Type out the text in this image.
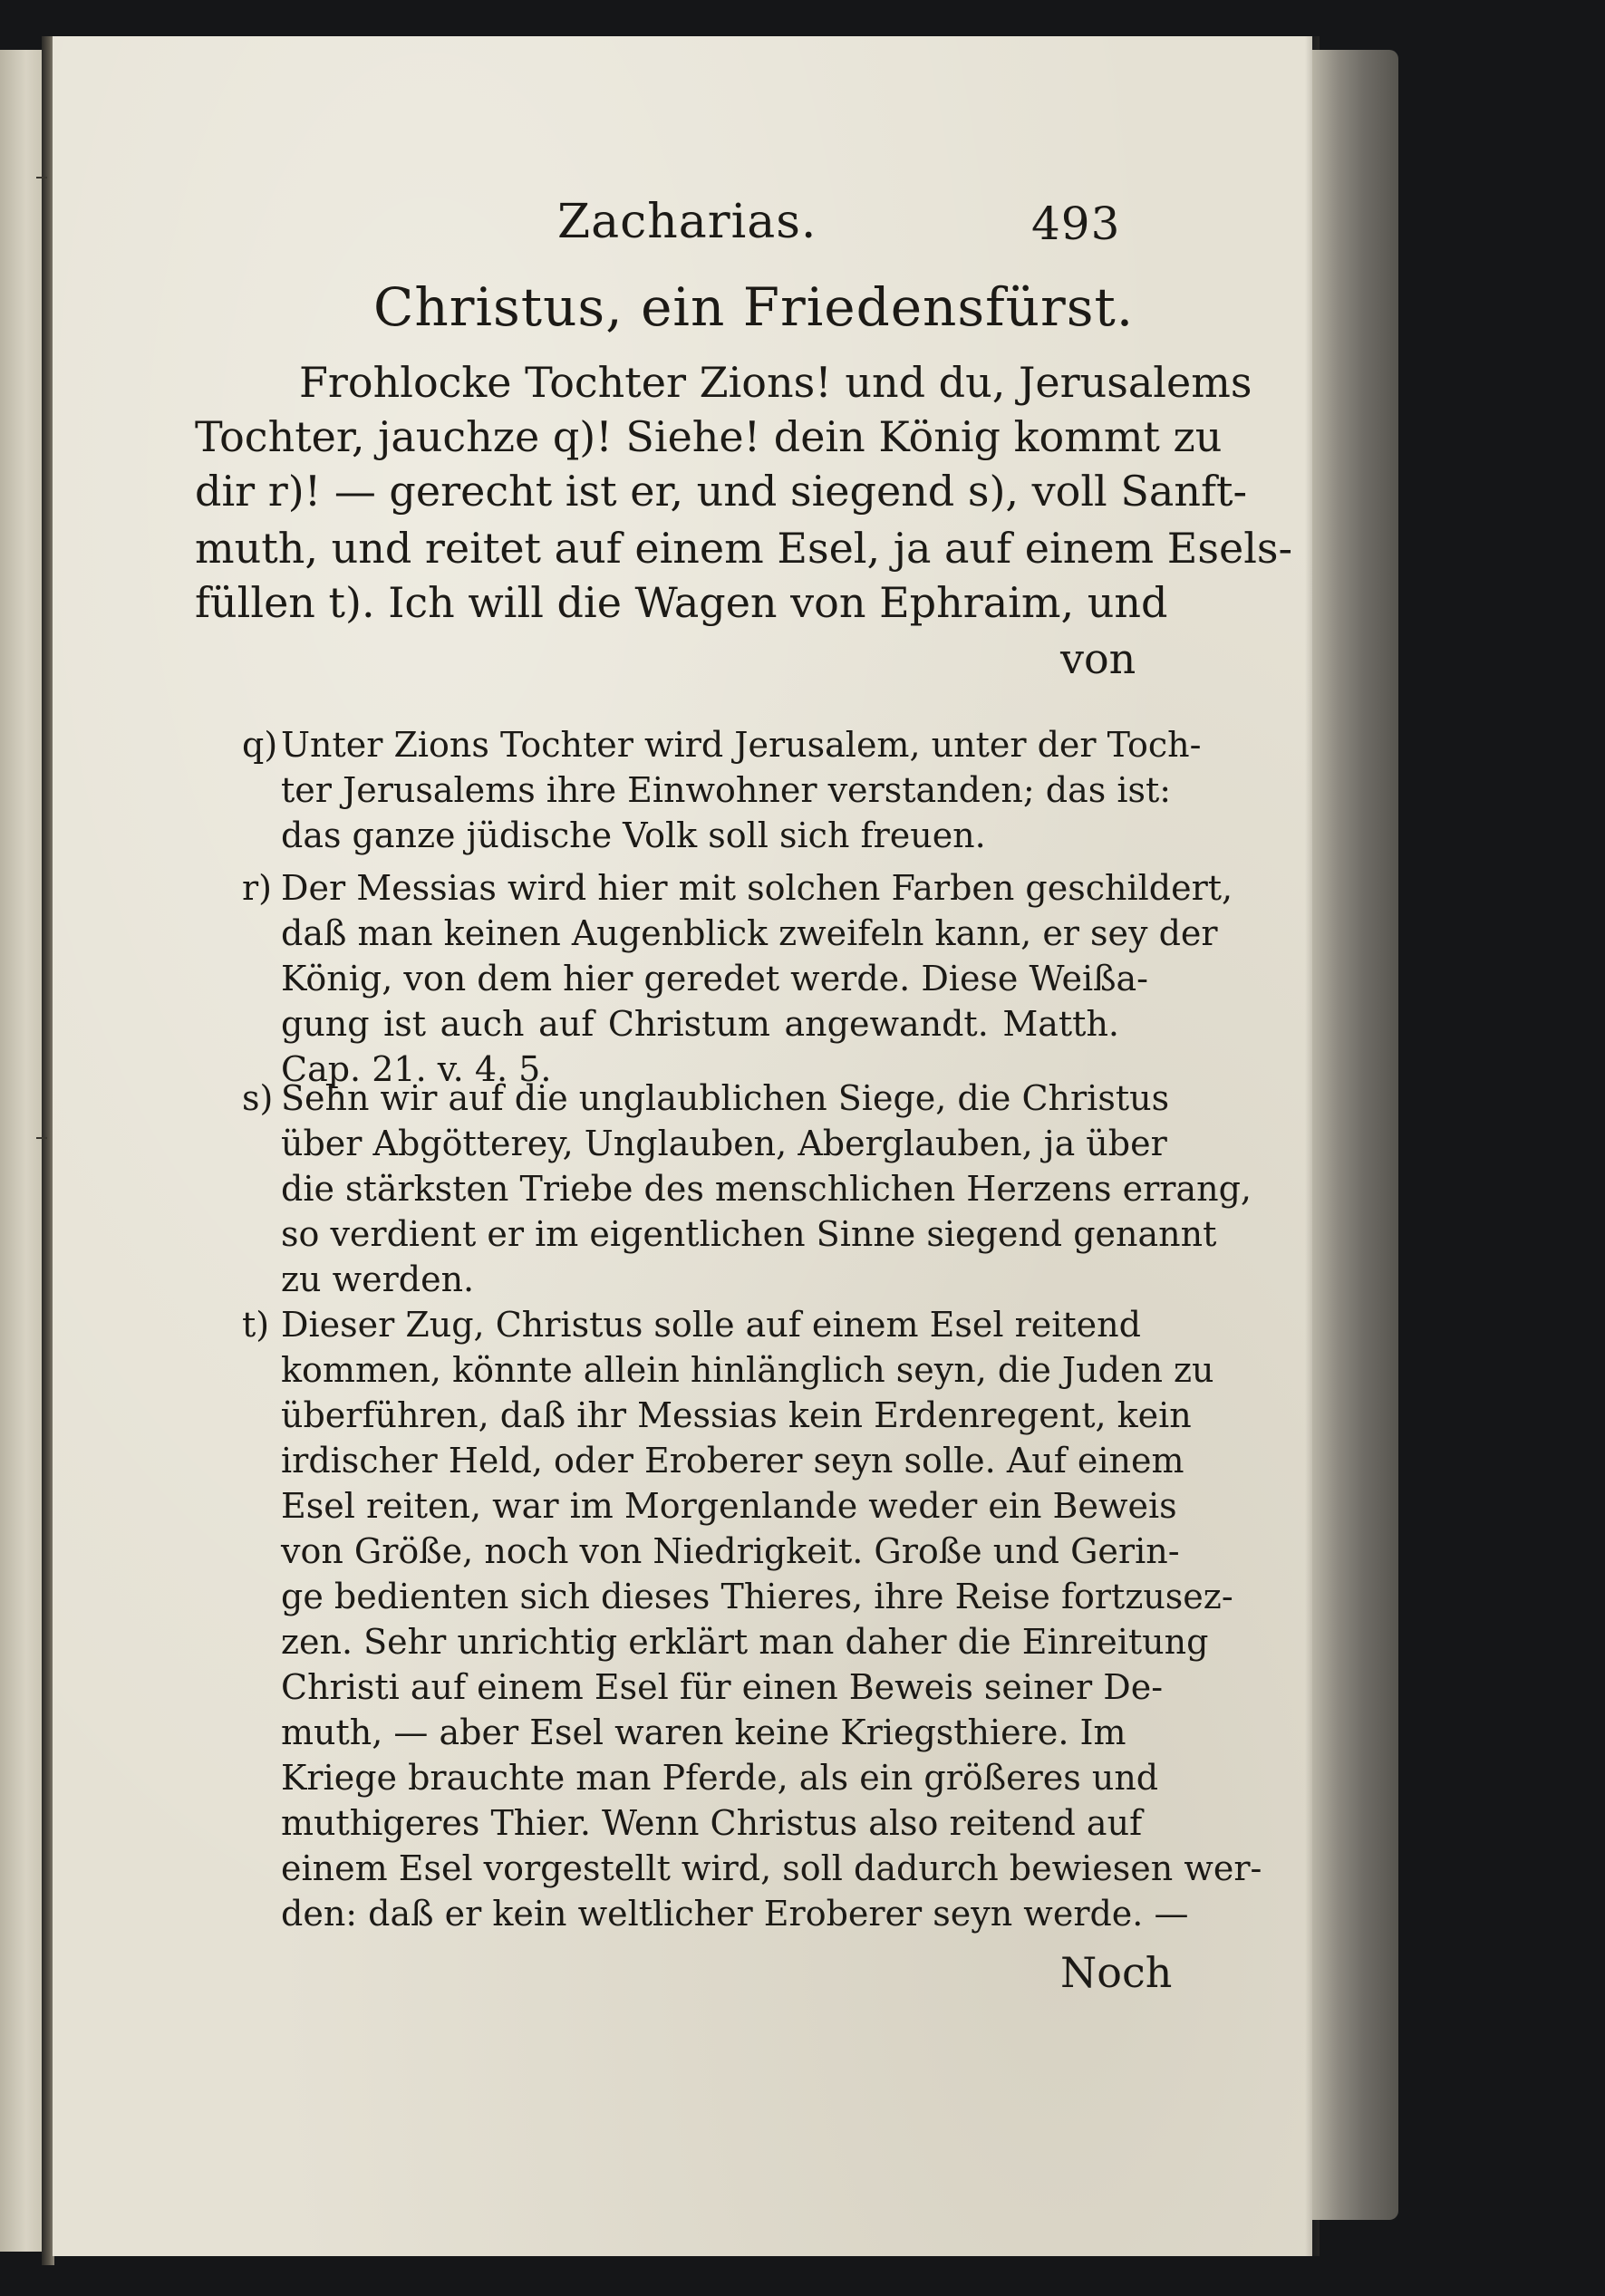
Zacharias.	493
Christus, ein Friedensfürst.
Frohlocke Tochter Zions! und du, Jerusalems
Tochter, jauchze q)! Siehe! dein König kommt zu
dir r)! — gerecht ist er, und siegend s), voll Sanft-
muth, und reitet auf einem Esel, ja auf einem Esels-
füllen t). Ich will die Wagen von Ephraim, und
von
q) Unter Zions Tochter wird Jerusalem, unter der Toch-
ter Jerusalems ihre Einwohner verstanden; das ist:
das ganze jüdische Volk soll sich freuen.
r) Der Messias wird hier mit solchen Farben geschildert,
daß man keinen Augenblick zweifeln kann, er sey der
König, von dem hier geredet werde. Diese Weißa-
gung ist auch auf Christum angewandt. Matth.
Cap. 21. v. 4. 5.
s) Sehn wir auf die unglaublichen Siege, die Christus
über Abgötterey, Unglauben, Aberglauben, ja über
die stärksten Triebe des menschlichen Herzens errang,
so verdient er im eigentlichen Sinne siegend genannt
zu werden.
t) Dieser Zug, Christus solle auf einem Esel reitend
kommen, könnte allein hinlänglich seyn, die Juden zu
überführen, daß ihr Messias kein Erdenregent, kein
irdischer Held, oder Eroberer seyn solle. Auf einem
Esel reiten, war im Morgenlande weder ein Beweis
von Größe, noch von Niedrigkeit. Große und Gerin-
ge bedienten sich dieses Thieres, ihre Reise fortzusez-
zen. Sehr unrichtig erklärt man daher die Einreitung
Christi auf einem Esel für einen Beweis seiner De-
muth, — aber Esel waren keine Kriegsthiere. Im
Kriege brauchte man Pferde, als ein größeres und
muthigeres Thier. Wenn Christus also reitend auf
einem Esel vorgestellt wird, soll dadurch bewiesen wer-
den: daß er kein weltlicher Eroberer seyn werde. —
Noch
